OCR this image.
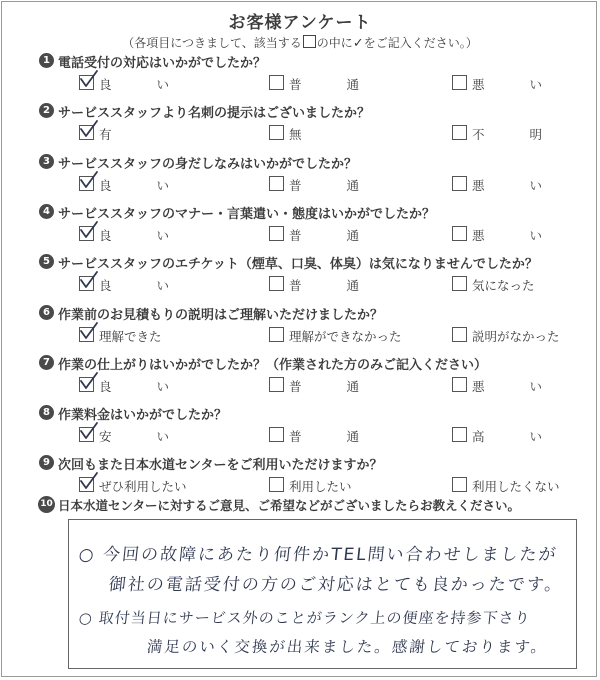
お客様アンケート
（各項目につきまして、該当する の中に✓をご記入ください。）
1 電話受付の対応はいかがでしたか？
良	い	普	通	悪	い
2 サービススタッフより名刺の提示はございましたか？
有	無	不	明
3 サービススタッフの身だしなみはいかがでしたか？
良	い	普	通	悪	い
4 サービススタッフのマナー・言葉遣い・態度はいかがでしたか？
良	い	普	通	悪	い
5 サービススタッフのエチケット（煙草、口臭、体臭）は気になりませんでしたか？
良	い	普	通	気になった
6 作業前のお見積もりの説明はご理解いただけましたか？
理解できた	理解ができなかった	説明がなかった
7 作業の仕上がりはいかがでしたか？（作業された方のみご記入ください）
良	い	普	通	悪	い
8 作業料金はいかがでしたか？
安	い	普	通	高	い
9 次回もまた日本水道センターをご利用いただけますか？
ぜひ利用したい	利用したい	利用したくない
10 日本水道センターに対するご意見、ご希望などがございましたらお教えください。
○ 今回の故障にあたり何件かTEL問い合わせしましたが
御社の電話受付の方のご対応はとても良かったです。
○ 取付当日にサービス外のことがランク上の便座を持参下さり
満足のいく交換が出来ました。感謝しております。
